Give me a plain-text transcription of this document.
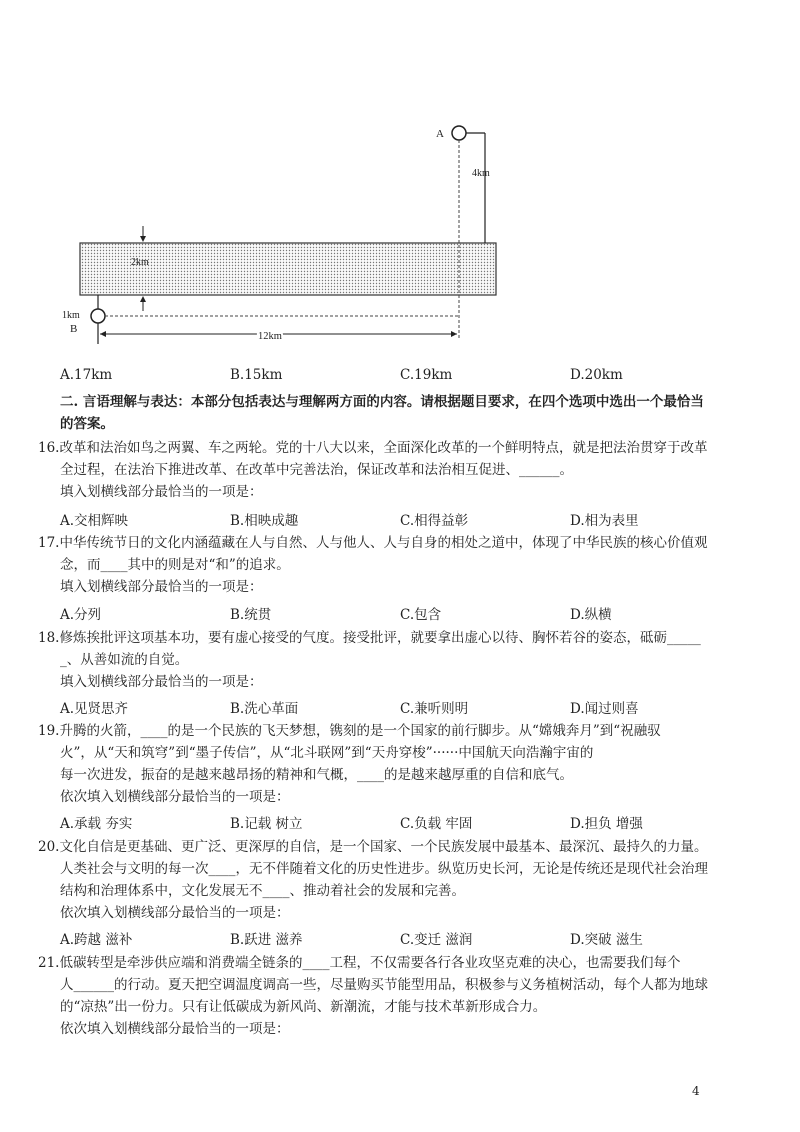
A
4km
2km
1km
B
12km
A.17km	B.15km	C.19km	D.20km
二. 言语理解与表达：本部分包括表达与理解两方面的内容。请根据题目要求，在四个选项中选出一个最恰当
的答案。
16.改革和法治如鸟之两翼、车之两轮。党的十八大以来，全面深化改革的一个鲜明特点，就是把法治贯穿于改革
全过程，在法治下推进改革、在改革中完善法治，保证改革和法治相互促进、______。
填入划横线部分最恰当的一项是：
A.交相辉映	B.相映成趣	C.相得益彰	D.相为表里
17.中华传统节日的文化内涵蕴藏在人与自然、人与他人、人与自身的相处之道中，体现了中华民族的核心价值观
念，而____其中的则是对“和”的追求。
填入划横线部分最恰当的一项是：
A.分列	B.统贯	C.包含	D.纵横
18.修炼挨批评这项基本功，要有虚心接受的气度。接受批评，就要拿出虚心以待、胸怀若谷的姿态，砥砺_____
_、从善如流的自觉。
填入划横线部分最恰当的一项是：
A.见贤思齐	B.洗心革面	C.兼听则明	D.闻过则喜
19.升腾的火箭，____的是一个民族的飞天梦想，镌刻的是一个国家的前行脚步。从“嫦娥奔月”到“祝融驭
火”，从“天和筑穹”到“墨子传信”，从“北斗联网”到“天舟穿梭”······中国航天向浩瀚宇宙的
每一次进发，振奋的是越来越昂扬的精神和气概，____的是越来越厚重的自信和底气。
依次填入划横线部分最恰当的一项是：
A.承载 夯实	B.记载 树立	C.负载 牢固	D.担负 增强
20.文化自信是更基础、更广泛、更深厚的自信，是一个国家、一个民族发展中最基本、最深沉、最持久的力量。
人类社会与文明的每一次____，无不伴随着文化的历史性进步。纵览历史长河，无论是传统还是现代社会治理
结构和治理体系中，文化发展无不____、推动着社会的发展和完善。
依次填入划横线部分最恰当的一项是：
A.跨越 滋补	B.跃进 滋养	C.变迁 滋润	D.突破 滋生
21.低碳转型是牵涉供应端和消费端全链条的____工程，不仅需要各行各业攻坚克难的决心，也需要我们每个
人______的行动。夏天把空调温度调高一些，尽量购买节能型用品，积极参与义务植树活动，每个人都为地球
的“凉热”出一份力。只有让低碳成为新风尚、新潮流，才能与技术革新形成合力。
依次填入划横线部分最恰当的一项是：
4
